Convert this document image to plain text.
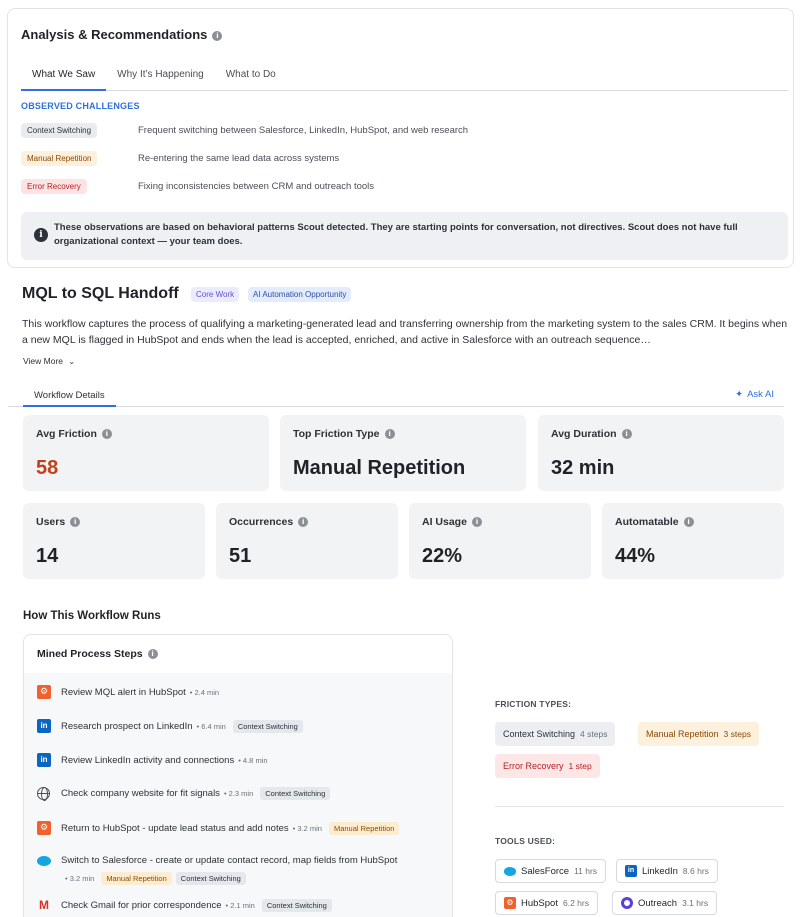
Analysis & Recommendations i
What We Saw	Why It’s Happening	What to Do
OBSERVED CHALLENGES
Context Switching	Frequent switching between Salesforce, LinkedIn, HubSpot, and web research
Manual Repetition	Re-entering the same lead data across systems
Error Recovery	Fixing inconsistencies between CRM and outreach tools
i
These observations are based on behavioral patterns Scout detected. They are starting points for conversation, not directives. Scout does not have full organizational context — your team does.
MQL to SQL Handoff	Core Work	AI Automation Opportunity
This workflow captures the process of qualifying a marketing-generated lead and transferring ownership from the marketing system to the sales CRM. It begins when a new MQL is flagged in HubSpot and ends when the lead is accepted, enriched, and active in Salesforce with an outreach sequence…
View More ⌄
Workflow Details	✦ Ask AI
Avg Friction i
58
Top Friction Type i
Manual Repetition
Avg Duration i
32 min
Users i
14
Occurrences i
51
AI Usage i
22%
Automatable i
44%
How This Workflow Runs
Mined Process Steps i
⚙	Review MQL alert in HubSpot • 2.4 min
in	Research prospect on LinkedIn • 6.4 min	Context Switching
in	Review LinkedIn activity and connections • 4.8 min
Check company website for fit signals • 2.3 min	Context Switching
⚙	Return to HubSpot - update lead status and add notes • 3.2 min	Manual Repetition
Switch to Salesforce - create or update contact record, map fields from HubSpot
• 3.2 min	Manual Repetition	Context Switching
M Check Gmail for prior correspondence • 2.1 min	Context Switching
FRICTION TYPES:
Context Switching 4 steps	Manual Repetition 3 steps
Error Recovery 1 step
TOOLS USED:
SalesForce 11 hrs	in LinkedIn 8.6 hrs
⚙ HubSpot 6.2 hrs	Outreach 3.1 hrs
